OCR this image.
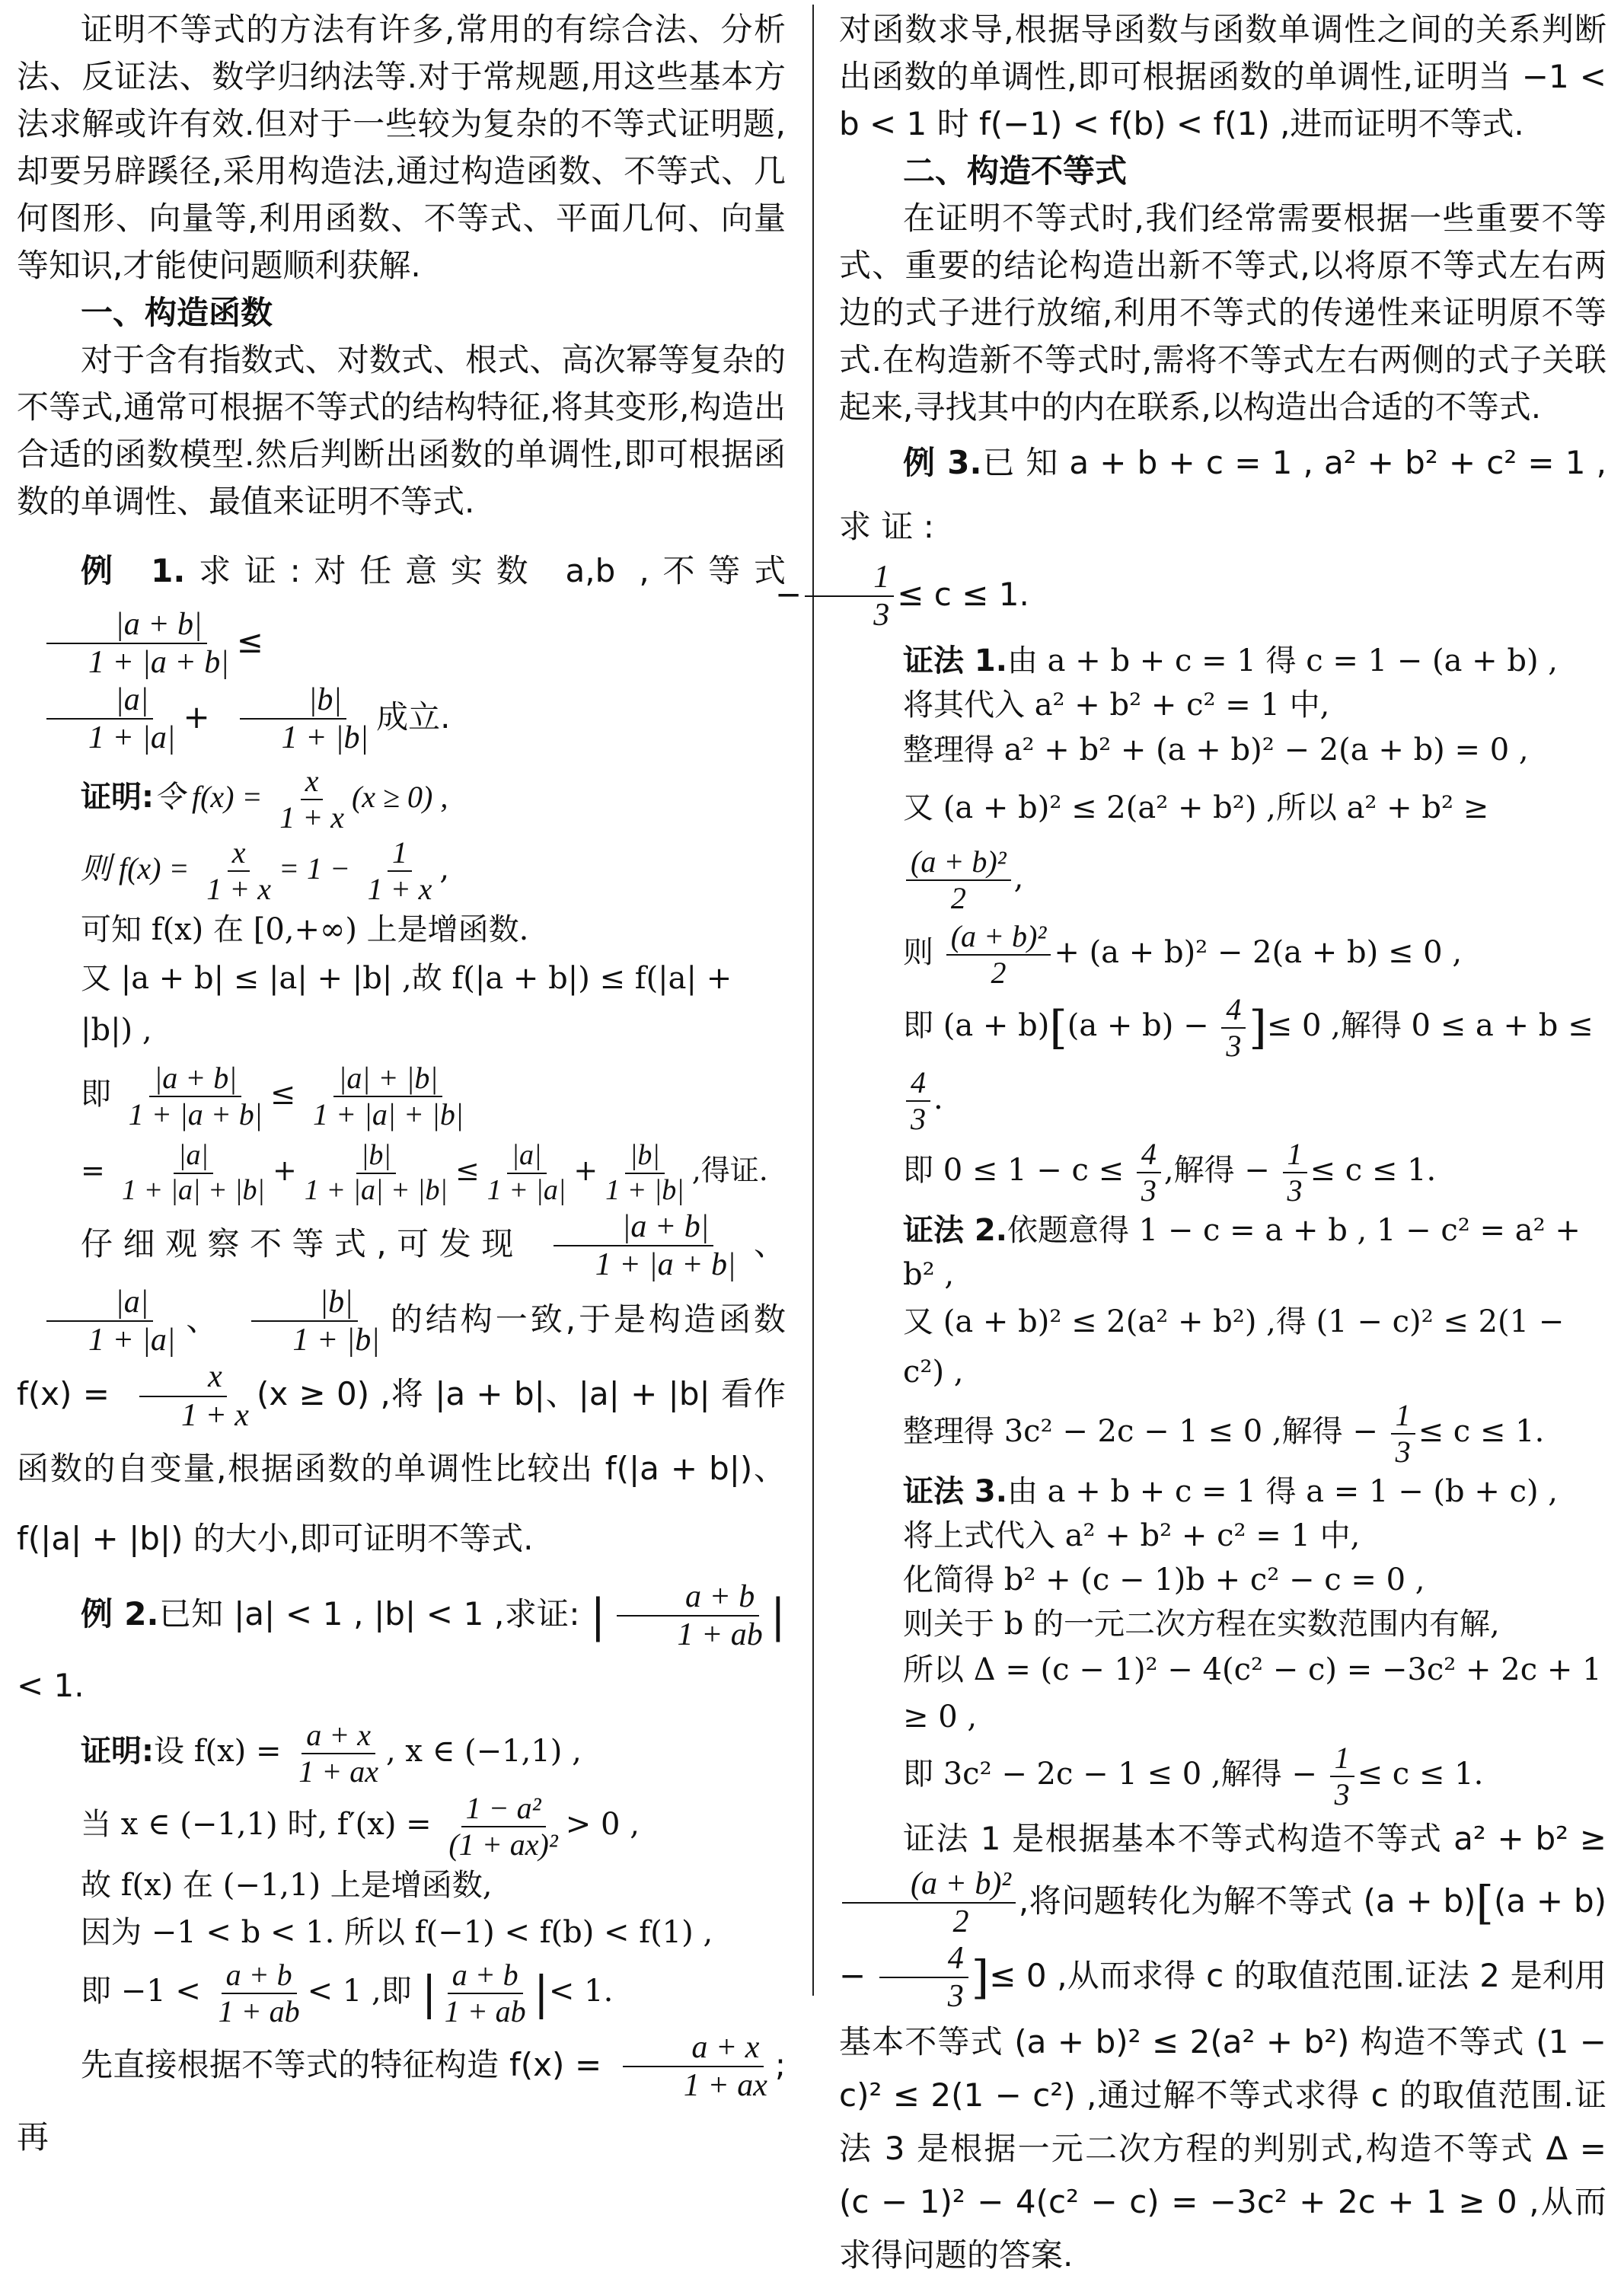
证明不等式的方法有许多,常用的有综合法、分析法、反证法、数学归纳法等.对于常规题,用这些基本方法求解或许有效.但对于一些较为复杂的不等式证明题,却要另辟蹊径,采用构造法,通过构造函数、不等式、几何图形、向量等,利用函数、不等式、平面几何、向量等知识,才能使问题顺利获解.

一、构造函数

对于含有指数式、对数式、根式、高次幂等复杂的不等式,通常可根据不等式的结构特征,将其变形,构造出合适的函数模型.然后判断出函数的单调性,即可根据函数的单调性、最值来证明不等式.

例 1.求证:对任意实数 a,b ,不等式
$\frac{|a + b|}{1 + |a + b|}$ ≤

$\frac{|a|}{1 + |a|} + \frac{|b|}{1 + |b|}$ 成立.

证明:令 $f(x) = \frac{x}{1 + x} (x \ge 0)$ ,

则 $f(x) = \frac{x}{1 + x} = 1 - \frac{1}{1 + x}$ ,

可知 f(x) 在 [0,+∞) 上是增函数.

又 |a + b| ≤ |a| + |b| ,故 f(|a + b|) ≤ f(|a| + |b|) ,

即 $\frac{|a + b|}{1 + |a + b|} \le \frac{|a| + |b|}{1 + |a| + |b|}$

= $\frac{|a|}{1 + |a| + |b|} + \frac{|b|}{1 + |a| + |b|} \le \frac{|a|}{1 + |a|} + \frac{|b|}{1 + |b|}$ ,得证.

仔细观察不等式,可发现 $\frac{|a + b|}{1 + |a + b|}$ 、
$\frac{|a|}{1 + |a|}$ 、 $\frac{|b|}{1 + |b|}$ 的结构一致,于是构造函数 $f(x) = \frac{x}{1 + x} (x \ge 0)$ ,将 |a + b|、|a| + |b| 看作函数的自变量,根据函数的单调性比较出 f(|a + b|)、f(|a| + |b|) 的大小,即可证明不等式.

例 2.已知 |a| < 1 , |b| < 1 ,求证: | $\frac{a + b}{1 + ab}$ |< 1.

证明:设 $f(x) = \frac{a + x}{1 + ax}$ , x ∈ (−1,1) ,

当 x ∈ (−1,1) 时, $f'(x) = \frac{\text{1 − a²}}{\text{(1 + ax)²}} > 0$ ,

故 f(x) 在 (−1,1) 上是增函数,

因为 −1 < b < 1. 所以 f(−1) < f(b) < f(1) ,

即 $-1 < \frac{a + b}{1 + ab} < 1$ ,即 | $\frac{a + b}{1 + ab}$ |< 1.

先直接根据不等式的特征构造 $f(x) = \frac{a + x}{1 + ax}$ ;再

对函数求导,根据导函数与函数单调性之间的关系判断出函数的单调性,即可根据函数的单调性,证明当 −1 < b < 1 时 f(−1) < f(b) < f(1) ,进而证明不等式.

二、构造不等式

在证明不等式时,我们经常需要根据一些重要不等式、重要的结论构造出新不等式,以将原不等式左右两边的式子进行放缩,利用不等式的传递性来证明原不等式.在构造新不等式时,需将不等式左右两侧的式子关联起来,寻找其中的内在联系,以构造出合适的不等式.

例 3.已 知 a + b + c = 1 , a² + b² + c² = 1 , 求 证 :
− $\frac{1}{3} \le c \le 1$.

证法 1.由 a + b + c = 1 得 c = 1 − (a + b) ,

将其代入 a² + b² + c² = 1 中,

整理得 a² + b² + (a + b)² − 2(a + b) = 0 ,

又 (a + b)² ≤ 2(a² + b²) ,所以 a² + b² ≥
$\frac{\text{(a + b)²}}{2}$ ,

则 $\frac{\text{(a + b)²}}{2} + (a + b)^2 - 2(a + b) \le 0$ ,

即 $(a + b)[(a + b) - \frac{4}{3}$ ]≤ 0 ,解得 0 ≤ a + b ≤
$\frac{4}{3}$ .

即 $0 \le 1 - c \le \frac{4}{3}$ ,解得 − $\frac{1}{3} \le c \le 1$.

证法 2.依题意得 1 − c = a + b , 1 − c² = a² + b² ,

又 (a + b)² ≤ 2(a² + b²) ,得 (1 − c)² ≤ 2(1 − c²) ,

整理得 3c² − 2c − 1 ≤ 0 ,解得 − $\frac{1}{3} \le c \le 1$.

证法 3.由 a + b + c = 1 得 a = 1 − (b + c) ,

将上式代入 a² + b² + c² = 1 中,

化简得 b² + (c − 1)b + c² − c = 0 ,

则关于 b 的一元二次方程在实数范围内有解,

所以 Δ = (c − 1)² − 4(c² − c) = −3c² + 2c + 1 ≥ 0 ,

即 3c² − 2c − 1 ≤ 0 ,解得 − $\frac{1}{3} \le c \le 1$.

证法 1 是根据基本不等式构造不等式 a² + b² ≥
$\frac{\text{(a + b)²}}{2}$ ,将问题转化为解不等式 $(a + b)[(a + b) - \frac{4}{3}$ ]≤ 0 ,从而求得 c 的取值范围.证法 2 是利用基本不等式 (a + b)² ≤ 2(a² + b²) 构造不等式 (1 − c)² ≤ 2(1 − c²) ,通过解不等式求得 c 的取值范围.证法 3 是根据一元二次方程的判别式,构造不等式 Δ = (c − 1)² − 4(c² − c) = −3c² + 2c + 1 ≥ 0 ,从而求得问题的答案.
